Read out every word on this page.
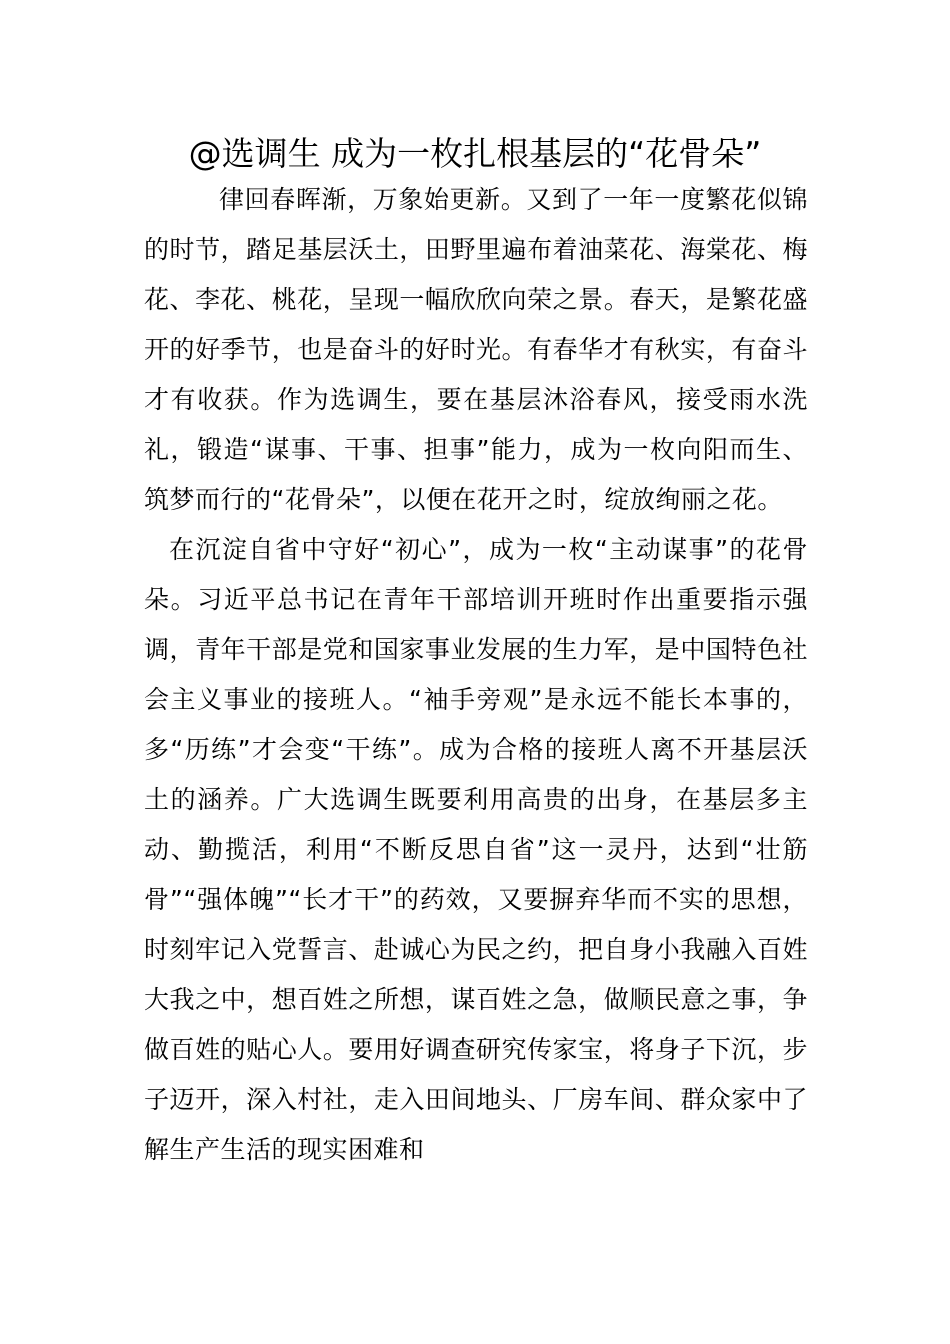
@选调生 成为一枚扎根基层的“花骨朵”

律回春晖渐，万象始更新。又到了一年一度繁花似锦的时节，踏足基层沃土，田野里遍布着油菜花、海棠花、梅花、李花、桃花，呈现一幅欣欣向荣之景。春天，是繁花盛开的好季节，也是奋斗的好时光。有春华才有秋实，有奋斗才有收获。作为选调生，要在基层沐浴春风，接受雨水洗礼，锻造“谋事、干事、担事”能力，成为一枚向阳而生、筑梦而行的“花骨朵”，以便在花开之时，绽放绚丽之花。

在沉淀自省中守好“初心”，成为一枚“主动谋事”的花骨朵。习近平总书记在青年干部培训开班时作出重要指示强调，青年干部是党和国家事业发展的生力军，是中国特色社会主义事业的接班人。“袖手旁观”是永远不能长本事的，多“历练”才会变“干练”。成为合格的接班人离不开基层沃土的涵养。广大选调生既要利用高贵的出身，在基层多主动、勤揽活，利用“不断反思自省”这一灵丹，达到“壮筋骨”“强体魄”“长才干”的药效，又要摒弃华而不实的思想，时刻牢记入党誓言、赴诚心为民之约，把自身小我融入百姓大我之中，想百姓之所想，谋百姓之急，做顺民意之事，争做百姓的贴心人。要用好调查研究传家宝，将身子下沉，步子迈开，深入村社，走入田间地头、厂房车间、群众家中了解生产生活的现实困难和
